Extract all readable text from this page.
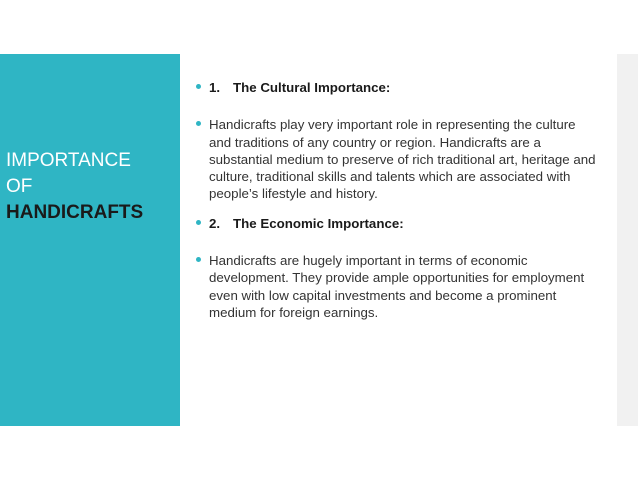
IMPORTANCE
OF
HANDICRAFTS
1. The Cultural Importance:
Handicrafts play very important role in representing the culture and traditions of any country or region. Handicrafts are a substantial medium to preserve of rich traditional art, heritage and culture, traditional skills and talents which are associated with people’s lifestyle and history.
2. The Economic Importance:
Handicrafts are hugely important in terms of economic development. They provide ample opportunities for employment even with low capital investments and become a prominent medium for foreign earnings.
